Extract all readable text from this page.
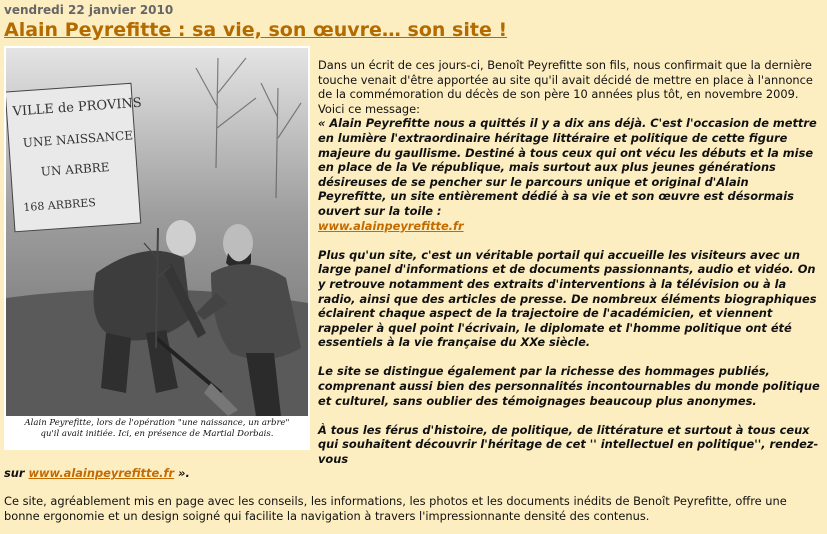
vendredi 22 janvier 2010
Alain Peyrefitte : sa vie, son œuvre… son site !
VILLE de PROVINS
UNE NAISSANCE
UN ARBRE
168 ARBRES
Alain Peyrefitte, lors de l'opération "une naissance, un arbre"
qu'il avait initiée. Ici, en présence de Martial Dorbais.

Dans un écrit de ces jours-ci, Benoît Peyrefitte son fils, nous confirmait que la dernière touche venait d'être apportée au site qu'il avait décidé de mettre en place à l'annonce de la commémoration du décès de son père 10 années plus tôt, en novembre 2009.

Voici ce message:

« Alain Peyrefitte nous a quittés il y a dix ans déjà. C'est l'occasion de mettre en lumière l'extraordinaire héritage littéraire et politique de cette figure majeure du gaullisme. Destiné à tous ceux qui ont vécu les débuts et la mise en place de la Ve république, mais surtout aux plus jeunes générations désireuses de se pencher sur le parcours unique et original d'Alain Peyrefitte, un site entièrement dédié à sa vie et son œuvre est désormais ouvert sur la toile :
www.alainpeyrefitte.fr

Plus qu'un site, c'est un véritable portail qui accueille les visiteurs avec un large panel d'informations et de documents passionnants, audio et vidéo. On y retrouve notamment des extraits d'interventions à la télévision ou à la radio, ainsi que des articles de presse. De nombreux éléments biographiques éclairent chaque aspect de la trajectoire de l'académicien, et viennent rappeler à quel point l'écrivain, le diplomate et l'homme politique ont été essentiels à la vie française du XXe siècle.

Le site se distingue également par la richesse des hommages publiés, comprenant aussi bien des personnalités incontournables du monde politique et culturel, sans oublier des témoignages beaucoup plus anonymes.

À tous les férus d'histoire, de politique, de littérature et surtout à tous ceux qui souhaitent découvrir l'héritage de cet '' intellectuel en politique'', rendez-vous

sur www.alainpeyrefitte.fr ».

Ce site, agréablement mis en page avec les conseils, les informations, les photos et les documents inédits de Benoît Peyrefitte, offre une bonne ergonomie et un design soigné qui facilite la navigation à travers l'impressionnante densité des contenus.
